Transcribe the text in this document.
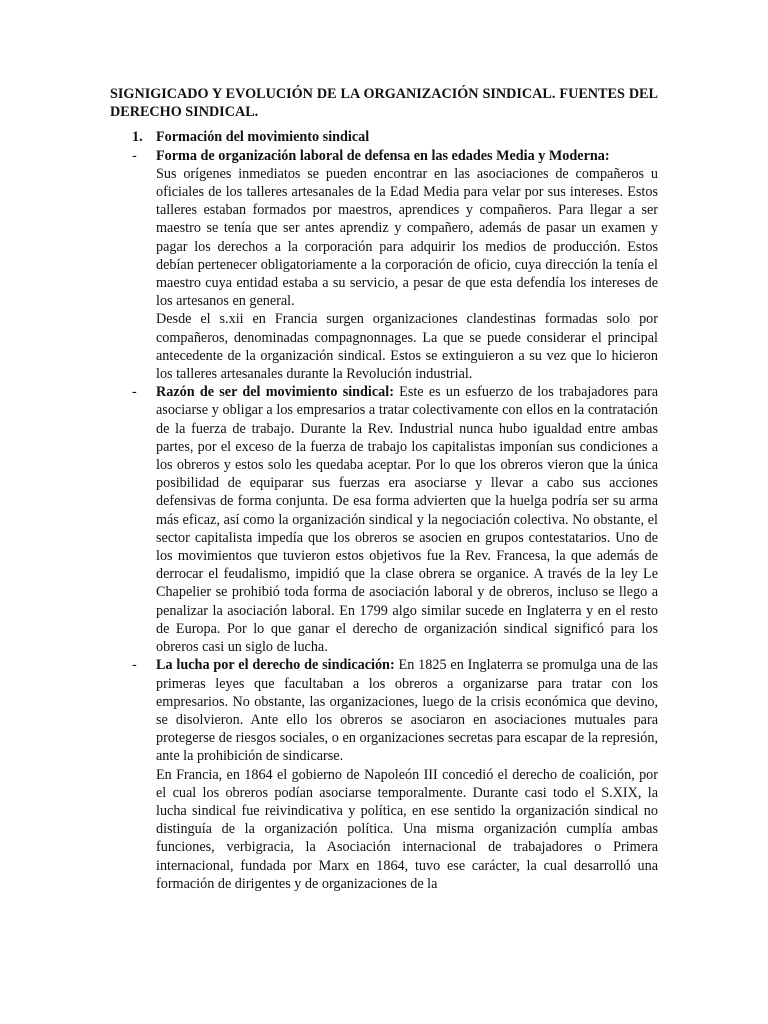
SIGNIGICADO Y EVOLUCIÓN DE LA ORGANIZACIÓN SINDICAL. FUENTES DEL DERECHO SINDICAL.

1. Formación del movimiento sindical
-	Forma de organización laboral de defensa en las edades Media y Moderna:

Sus orígenes inmediatos se pueden encontrar en las asociaciones de compañeros u oficiales de los talleres artesanales de la Edad Media para velar por sus intereses. Estos talleres estaban formados por maestros, aprendices y compañeros. Para llegar a ser maestro se tenía que ser antes aprendiz y compañero, además de pasar un examen y pagar los derechos a la corporación para adquirir los medios de producción. Estos debían pertenecer obligatoriamente a la corporación de oficio, cuya dirección la tenía el maestro cuya entidad estaba a su servicio, a pesar de que esta defendía los intereses de los artesanos en general.

Desde el s.xii en Francia surgen organizaciones clandestinas formadas solo por compañeros, denominadas compagnonnages. La que se puede considerar el principal antecedente de la organización sindical. Estos se extinguieron a su vez que lo hicieron los talleres artesanales durante la Revolución industrial.

-	Razón de ser del movimiento sindical: Este es un esfuerzo de los trabajadores para asociarse y obligar a los empresarios a tratar colectivamente con ellos en la contratación de la fuerza de trabajo. Durante la Rev. Industrial nunca hubo igualdad entre ambas partes, por el exceso de la fuerza de trabajo los capitalistas imponían sus condiciones a los obreros y estos solo les quedaba aceptar. Por lo que los obreros vieron que la única posibilidad de equiparar sus fuerzas era asociarse y llevar a cabo sus acciones defensivas de forma conjunta. De esa forma advierten que la huelga podría ser su arma más eficaz, así como la organización sindical y la negociación colectiva. No obstante, el sector capitalista impedía que los obreros se asocien en grupos contestatarios. Uno de los movimientos que tuvieron estos objetivos fue la Rev. Francesa, la que además de derrocar el feudalismo, impidió que la clase obrera se organice. A través de la ley Le Chapelier se prohibió toda forma de asociación laboral y de obreros, incluso se llego a penalizar la asociación laboral. En 1799 algo similar sucede en Inglaterra y en el resto de Europa. Por lo que ganar el derecho de organización sindical significó para los obreros casi un siglo de lucha.

-	La lucha por el derecho de sindicación: En 1825 en Inglaterra se promulga una de las primeras leyes que facultaban a los obreros a organizarse para tratar con los empresarios. No obstante, las organizaciones, luego de la crisis económica que devino, se disolvieron. Ante ello los obreros se asociaron en asociaciones mutuales para protegerse de riesgos sociales, o en organizaciones secretas para escapar de la represión, ante la prohibición de sindicarse.

En Francia, en 1864 el gobierno de Napoleón III concedió el derecho de coalición, por el cual los obreros podían asociarse temporalmente. Durante casi todo el S.XIX, la lucha sindical fue reivindicativa y política, en ese sentido la organización sindical no distinguía de la organización política. Una misma organización cumplía ambas funciones, verbigracia, la Asociación internacional de trabajadores o Primera internacional, fundada por Marx en 1864, tuvo ese carácter, la cual desarrolló una formación de dirigentes y de organizaciones de la
